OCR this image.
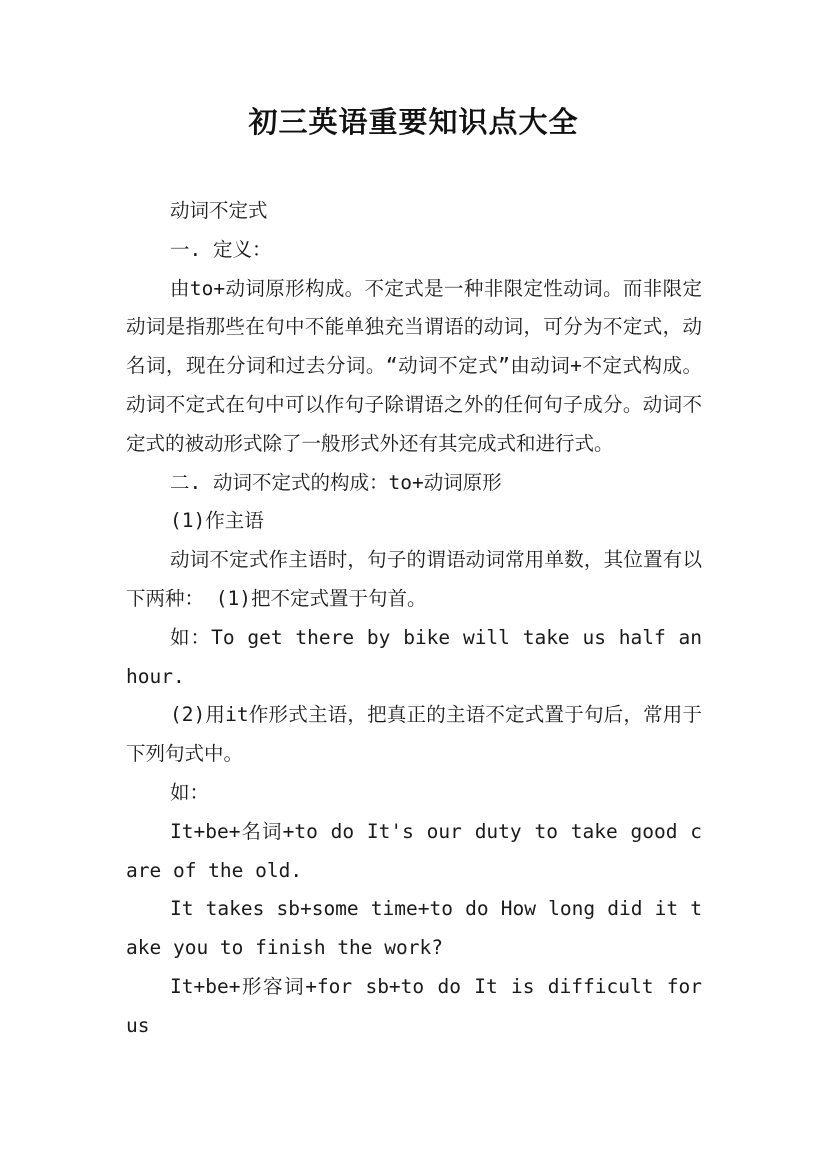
初三英语重要知识点大全

动词不定式

一. 定义：

由to+动词原形构成。不定式是一种非限定性动词。而非限定动词是指那些在句中不能单独充当谓语的动词，可分为不定式，动名词，现在分词和过去分词。“动词不定式”由动词+不定式构成。动词不定式在句中可以作句子除谓语之外的任何句子成分。动词不定式的被动形式除了一般形式外还有其完成式和进行式。

二. 动词不定式的构成：to+动词原形

(1)作主语

动词不定式作主语时，句子的谓语动词常用单数，其位置有以下两种： (1)把不定式置于句首。

如：To get there by bike will take us half an hour.

(2)用it作形式主语，把真正的主语不定式置于句后，常用于下列句式中。

如：

It+be+名词+to do It's our duty to take good care of the old.

It takes sb+some time+to do How long did it take you to finish the work?

It+be+形容词+for sb+to do It is difficult for us
